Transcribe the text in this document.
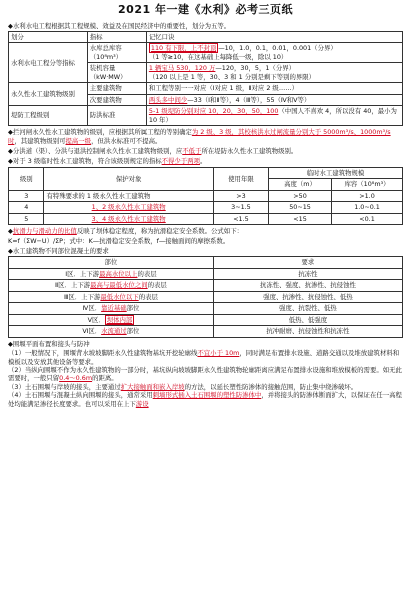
2021 年一建《水利》必考三页纸

◆水利水电工程根据其工程规模、效益及在国民经济中的重要性，划分为五等。

划分	指标	记忆口诀
水利水电工程分等指标	水库总库容（10⁸m³）	110 有下限，上不封顶 —10，1.0，0.1，0.01，0.001（分界）
（1 等≥10，在这基础上每降低一级，除以 10）
	装机容量（kW·MW）	1 辆宝马 530，120 万—120，30，5，1（分界）
（120 以上是 1 等，30、3 和 1 分别是剩下等别的界限）
永久性水工建筑物级别	主要建筑物	和工程等别一一对应（Ⅰ对应 1 级，Ⅱ对应 2 级……）
	次要建筑物	两头多中间少—33（Ⅰ和Ⅱ等），4（Ⅲ等），55（Ⅳ和Ⅴ等）
堤防工程级别	防洪标准	5-1 级堤防分别对应 10，20，30，50，100（中国人不喜欢 4，所以没有 40，最小为 10 年）

◆拦河闸永久性水工建筑物的级别，应根据其所属工程的等别确定为 2 级、3 级，其校核洪水过闸流量分别大于 5000m³/s、1000m³/s 时，其建筑物级别可提高一级，但洪水标准可不提高。

◆分洪道（渠）、分洪与退洪控制闸永久性水工建筑物级别，应不低于所在堤防永久性水工建筑物级别。

◆对于 3 级临时性水工建筑物，符合该级别规定的指标不得少于两项。

级别	保护对象	使用年限	临时水工建筑物规模	
			高度（m）	库容（10⁸m³）
3	有特殊要求的 1 级永久性水工建筑物	>3	>50	>1.0
4	1、2 级永久性水工建筑物	3~1.5	50~15	1.0~0.1
5	3、4 级永久性水工建筑物	<1.5	<15	<0.1

◆抗滑力与滑动力的比值反映了坝体稳定程度，称为抗滑稳定安全系数。公式如下：

K=f（ΣW−U）/ΣP；式中：K—抗滑稳定安全系数，f—接触面间的摩擦系数。

◆水工建筑物不同部位混凝土的要求

部位	要求
Ⅰ区．上下游最高水位以上的表层	抗冻性
Ⅱ区．上下游最高与最低水位之间的表层	抗冻性、强度、抗渗性、抗侵蚀性
Ⅲ区．上下游最低水位以下的表层	强度、抗渗性、抗侵蚀性、低热
Ⅳ区．靠近基础部位	强度、抗裂性、低热
Ⅴ区． 坝体内部	低热、低强度
Ⅵ区．水流通过部位	抗冲耐磨、抗侵蚀性和抗冻性

◆围堰平面布置和接头与防冲

（1）一般情况下，围堰背水坡坡脚距永久性建筑物基坑开挖轮廓线不宜小于 10m，同时满足布置排水设施、道路交通以及堆放建筑材料和模板以及安放其他设备等要求。

（2）当纵向围堰不作为永久性建筑物的一部分时，基坑纵向坡坡脚距永久性建筑物轮廓距离应满足布置排水设施和堆放模板的需要。如无此需要时，一般只留0.4～0.6m的距离。

（3）土石围堰与岸坡的接头，主要通过扩大接触面和嵌入岸坡的方法，以延长塑性防渗体的接触范围，防止集中绕渗破坏。

（4）土石围堰与混凝土纵向围堰的接头，通常采用刺墙形式插入土石围堰的塑性防渗体中，并将接头的防渗体断面扩大，以保证在任一高程处均能满足渗径长度要求。也可以采用在上下游设
